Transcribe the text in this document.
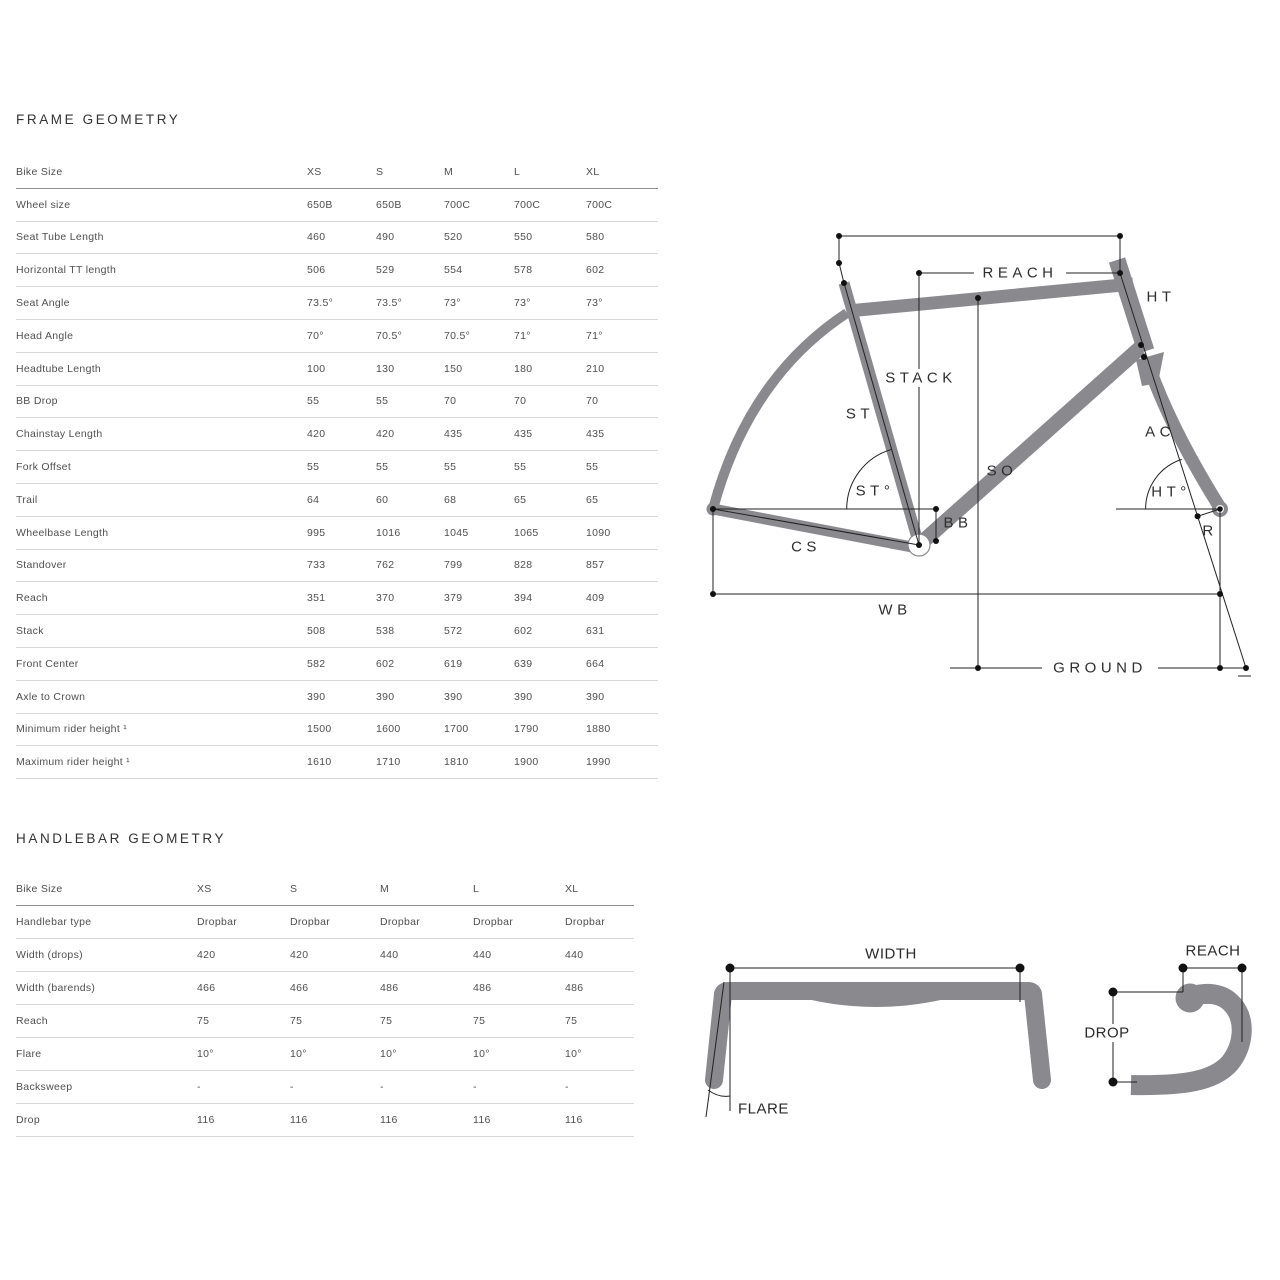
FRAME GEOMETRY
Bike Size	XS	S	M	L	XL
Wheel size	650B	650B	700C	700C	700C
Seat Tube Length	460	490	520	550	580
Horizontal TT length	506	529	554	578	602
Seat Angle	73.5°	73.5°	73°	73°	73°
Head Angle	70°	70.5°	70.5°	71°	71°
Headtube Length	100	130	150	180	210
BB Drop	55	55	70	70	70
Chainstay Length	420	420	435	435	435
Fork Offset	55	55	55	55	55
Trail	64	60	68	65	65
Wheelbase Length	995	1016	1045	1065	1090
Standover	733	762	799	828	857
Reach	351	370	379	394	409
Stack	508	538	572	602	631
Front Center	582	602	619	639	664
Axle to Crown	390	390	390	390	390
Minimum rider height ¹	1500	1600	1700	1790	1880
Maximum rider height ¹	1610	1710	1810	1900	1990
HANDLEBAR GEOMETRY
Bike Size	XS	S	M	L	XL
Handlebar type	Dropbar	Dropbar	Dropbar	Dropbar	Dropbar
Width (drops)	420	420	440	440	440
Width (barends)	466	466	486	486	486
Reach	75	75	75	75	75
Flare	10°	10°	10°	10°	10°
Backsweep	-	-	-	-	-
Drop	116	116	116	116	116
REACH
HT
STACK
ST
AC
SO
ST°	HT°
BB	R
CS
WB
GROUND
WIDTH
FLARE
REACH
DROP
